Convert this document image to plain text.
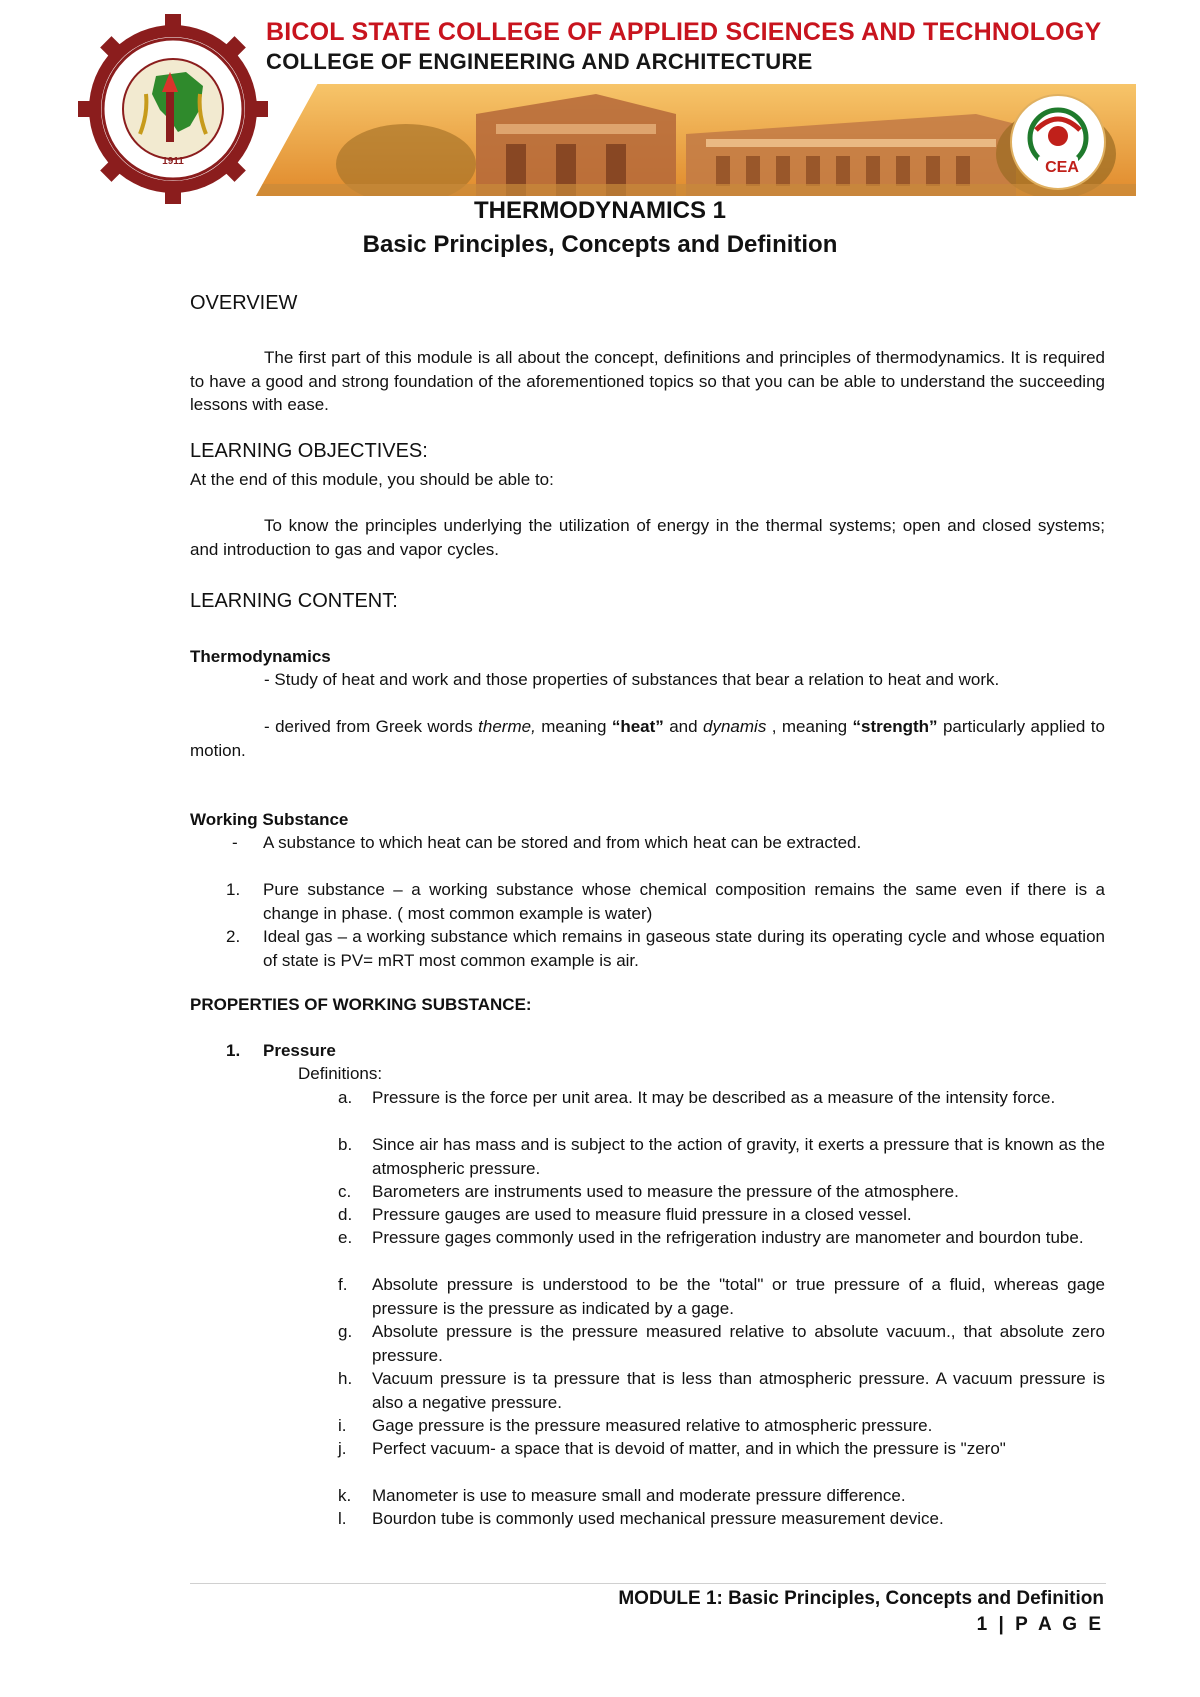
1911
BICOL STATE COLLEGE OF APPLIED SCIENCES AND TECHNOLOGY
COLLEGE OF ENGINEERING AND ARCHITECTURE
CEA
THERMODYNAMICS 1
Basic Principles, Concepts and Definition
OVERVIEW
The first part of this module is all about the concept, definitions and principles of thermodynamics. It is required to have a good and strong foundation of the aforementioned topics so that you can be able to understand the succeeding lessons with ease.
LEARNING OBJECTIVES:
At the end of this module, you should be able to:
To know the principles underlying the utilization of energy in the thermal systems; open and closed systems; and introduction to gas and vapor cycles.
LEARNING CONTENT:
Thermodynamics
- Study of heat and work and those properties of substances that bear a relation to heat and work.
- derived from Greek words therme, meaning “heat” and dynamis , meaning “strength” particularly applied to motion.
Working Substance
- A substance to which heat can be stored and from which heat can be extracted.
1. Pure substance – a working substance whose chemical composition remains the same even if there is a change in phase. ( most common example is water)
2. Ideal gas – a working substance which remains in gaseous state during its operating cycle and whose equation of state is PV= mRT most common example is air.
PROPERTIES OF WORKING SUBSTANCE:
1. Pressure
Definitions:
a. Pressure is the force per unit area. It may be described as a measure of the intensity force.
b. Since air has mass and is subject to the action of gravity, it exerts a pressure that is known as the atmospheric pressure.
c. Barometers are instruments used to measure the pressure of the atmosphere.
d. Pressure gauges are used to measure fluid pressure in a closed vessel.
e. Pressure gages commonly used in the refrigeration industry are manometer and bourdon tube.
f. Absolute pressure is understood to be the "total" or true pressure of a fluid, whereas gage pressure is the pressure as indicated by a gage.
g. Absolute pressure is the pressure measured relative to absolute vacuum., that absolute zero pressure.
h. Vacuum pressure is ta pressure that is less than atmospheric pressure. A vacuum pressure is also a negative pressure.
i. Gage pressure is the pressure measured relative to atmospheric pressure.
j. Perfect vacuum- a space that is devoid of matter, and in which the pressure is "zero"
k. Manometer is use to measure small and moderate pressure difference.
l. Bourdon tube is commonly used mechanical pressure measurement device.
MODULE 1: Basic Principles, Concepts and Definition
1 | P A G E
